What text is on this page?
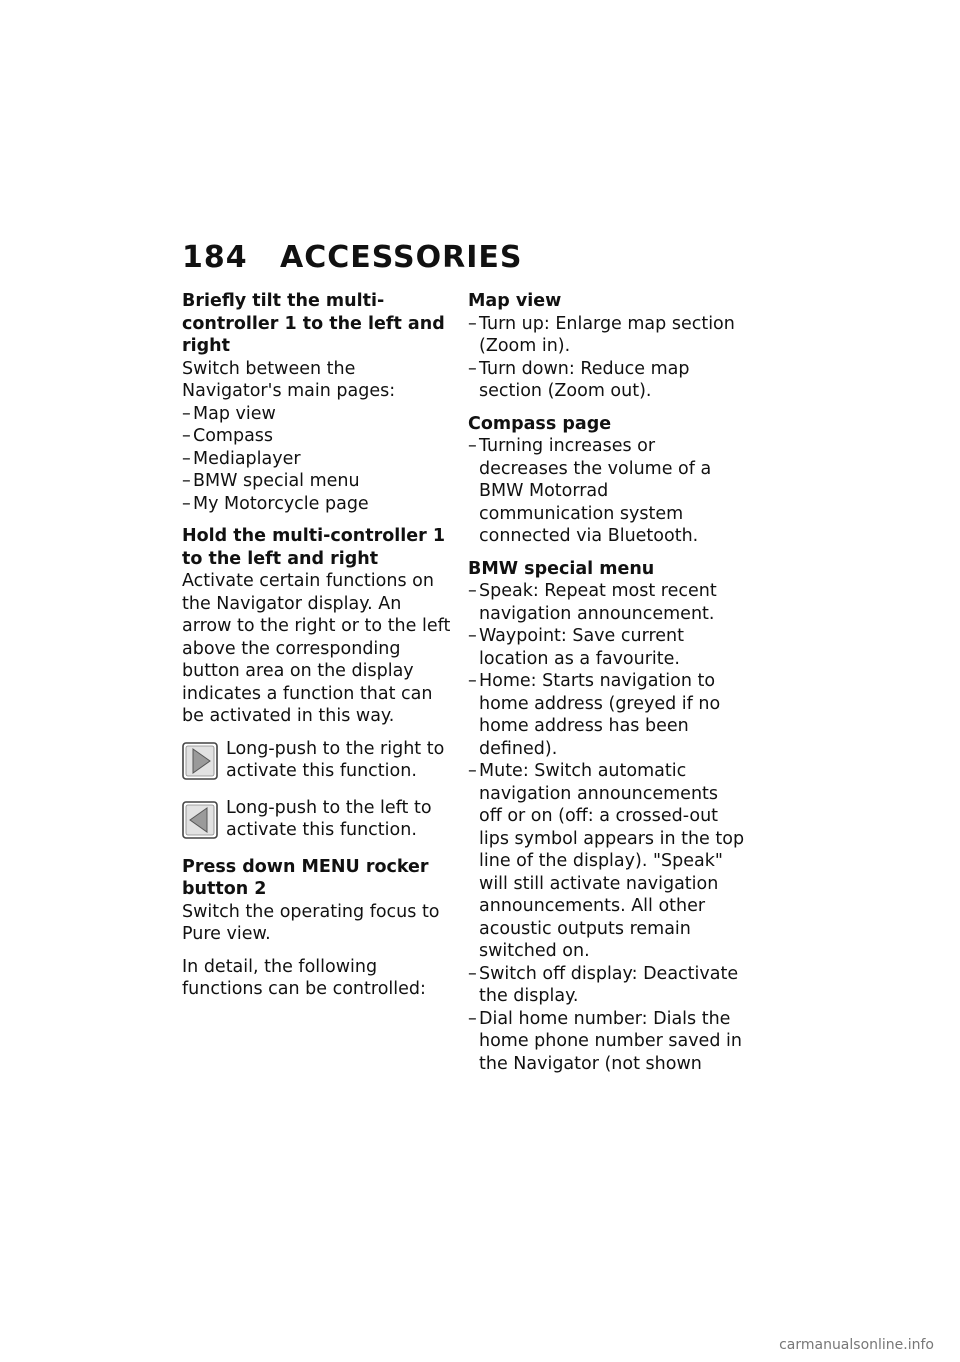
184 ACCESSORIES
Briefly tilt the multi-controller 1 to the left and right
Switch between the Navigator's main pages:
– Map view
– Compass
– Mediaplayer
– BMW special menu
– My Motorcycle page
Hold the multi-controller 1 to the left and right
Activate certain functions on the Navigator display. An arrow to the right or to the left above the corresponding button area on the display indicates a function that can be activated in this way.
Long-push to the right to activate this function.
Long-push to the left to activate this function.
Press down MENU rocker button 2
Switch the operating focus to Pure view.
In detail, the following functions can be controlled:
Map view
– Turn up: Enlarge map section (Zoom in).
– Turn down: Reduce map section (Zoom out).
Compass page
– Turning increases or decreases the volume of a BMW Motorrad communication system connected via Bluetooth.
BMW special menu
– Speak: Repeat most recent navigation announcement.
– Waypoint: Save current location as a favourite.
– Home: Starts navigation to home address (greyed if no home address has been defined).
– Mute: Switch automatic navigation announcements off or on (off: a crossed-out lips symbol appears in the top line of the display). "Speak" will still activate navigation announcements. All other acoustic outputs remain switched on.
– Switch off display: Deactivate the display.
– Dial home number: Dials the home phone number saved in the Navigator (not shown
carmanualsonline.info
